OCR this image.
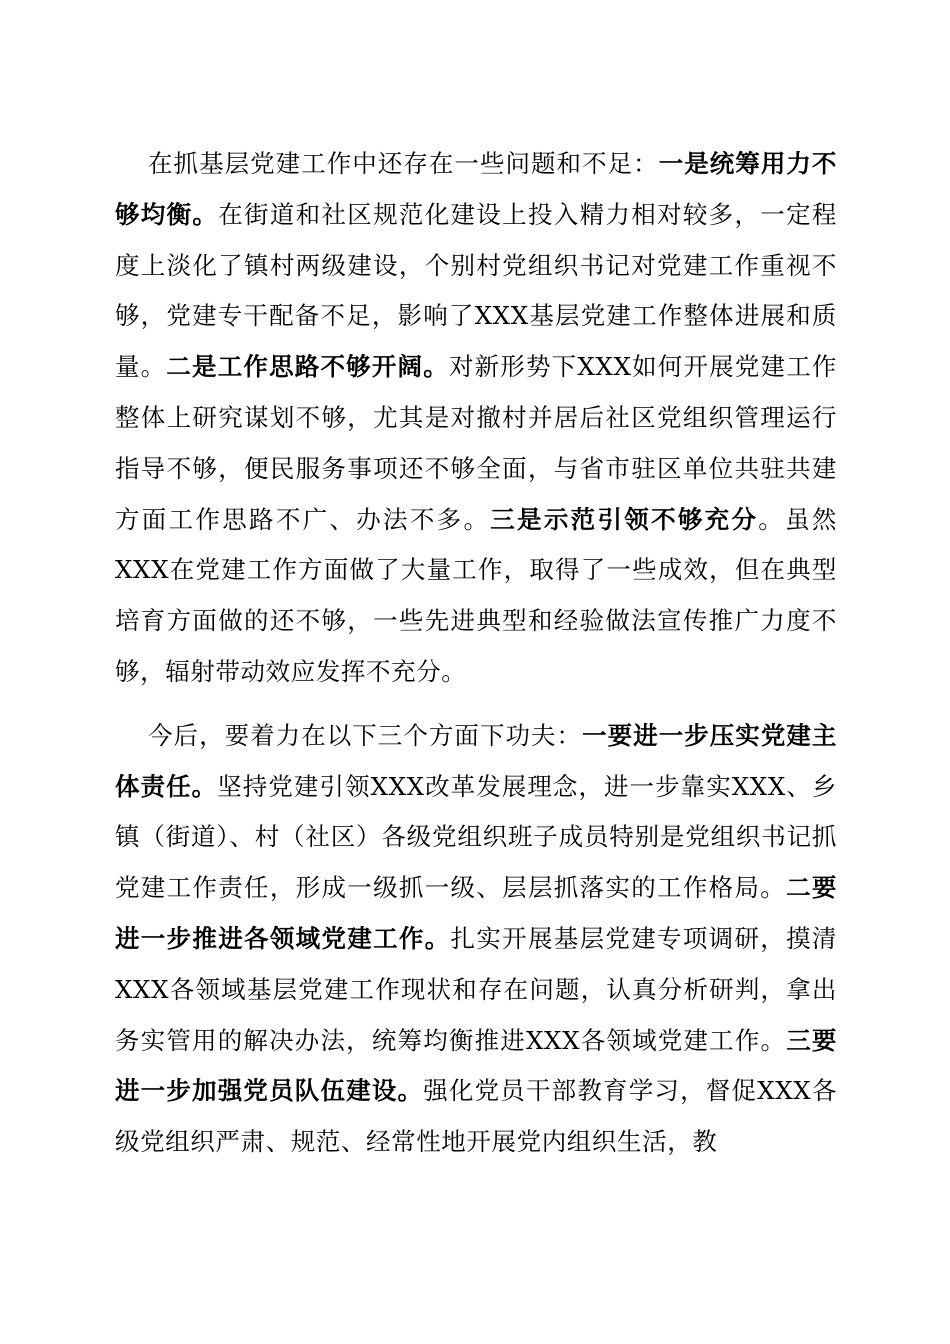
在抓基层党建工作中还存在一些问题和不足：一是统筹用力不够均衡。在街道和社区规范化建设上投入精力相对较多，一定程度上淡化了镇村两级建设，个别村党组织书记对党建工作重视不够，党建专干配备不足，影响了XXX基层党建工作整体进展和质量。二是工作思路不够开阔。对新形势下XXX如何开展党建工作整体上研究谋划不够，尤其是对撤村并居后社区党组织管理运行指导不够，便民服务事项还不够全面，与省市驻区单位共驻共建方面工作思路不广、办法不多。三是示范引领不够充分。虽然XXX在党建工作方面做了大量工作，取得了一些成效，但在典型培育方面做的还不够，一些先进典型和经验做法宣传推广力度不够，辐射带动效应发挥不充分。

今后，要着力在以下三个方面下功夫：一要进一步压实党建主体责任。坚持党建引领XXX改革发展理念，进一步靠实XXX、乡镇（街道）、村（社区）各级党组织班子成员特别是党组织书记抓党建工作责任，形成一级抓一级、层层抓落实的工作格局。二要进一步推进各领域党建工作。扎实开展基层党建专项调研，摸清XXX各领域基层党建工作现状和存在问题，认真分析研判，拿出务实管用的解决办法，统筹均衡推进XXX各领域党建工作。三要进一步加强党员队伍建设。强化党员干部教育学习，督促XXX各级党组织严肃、规范、经常性地开展党内组织生活，教
